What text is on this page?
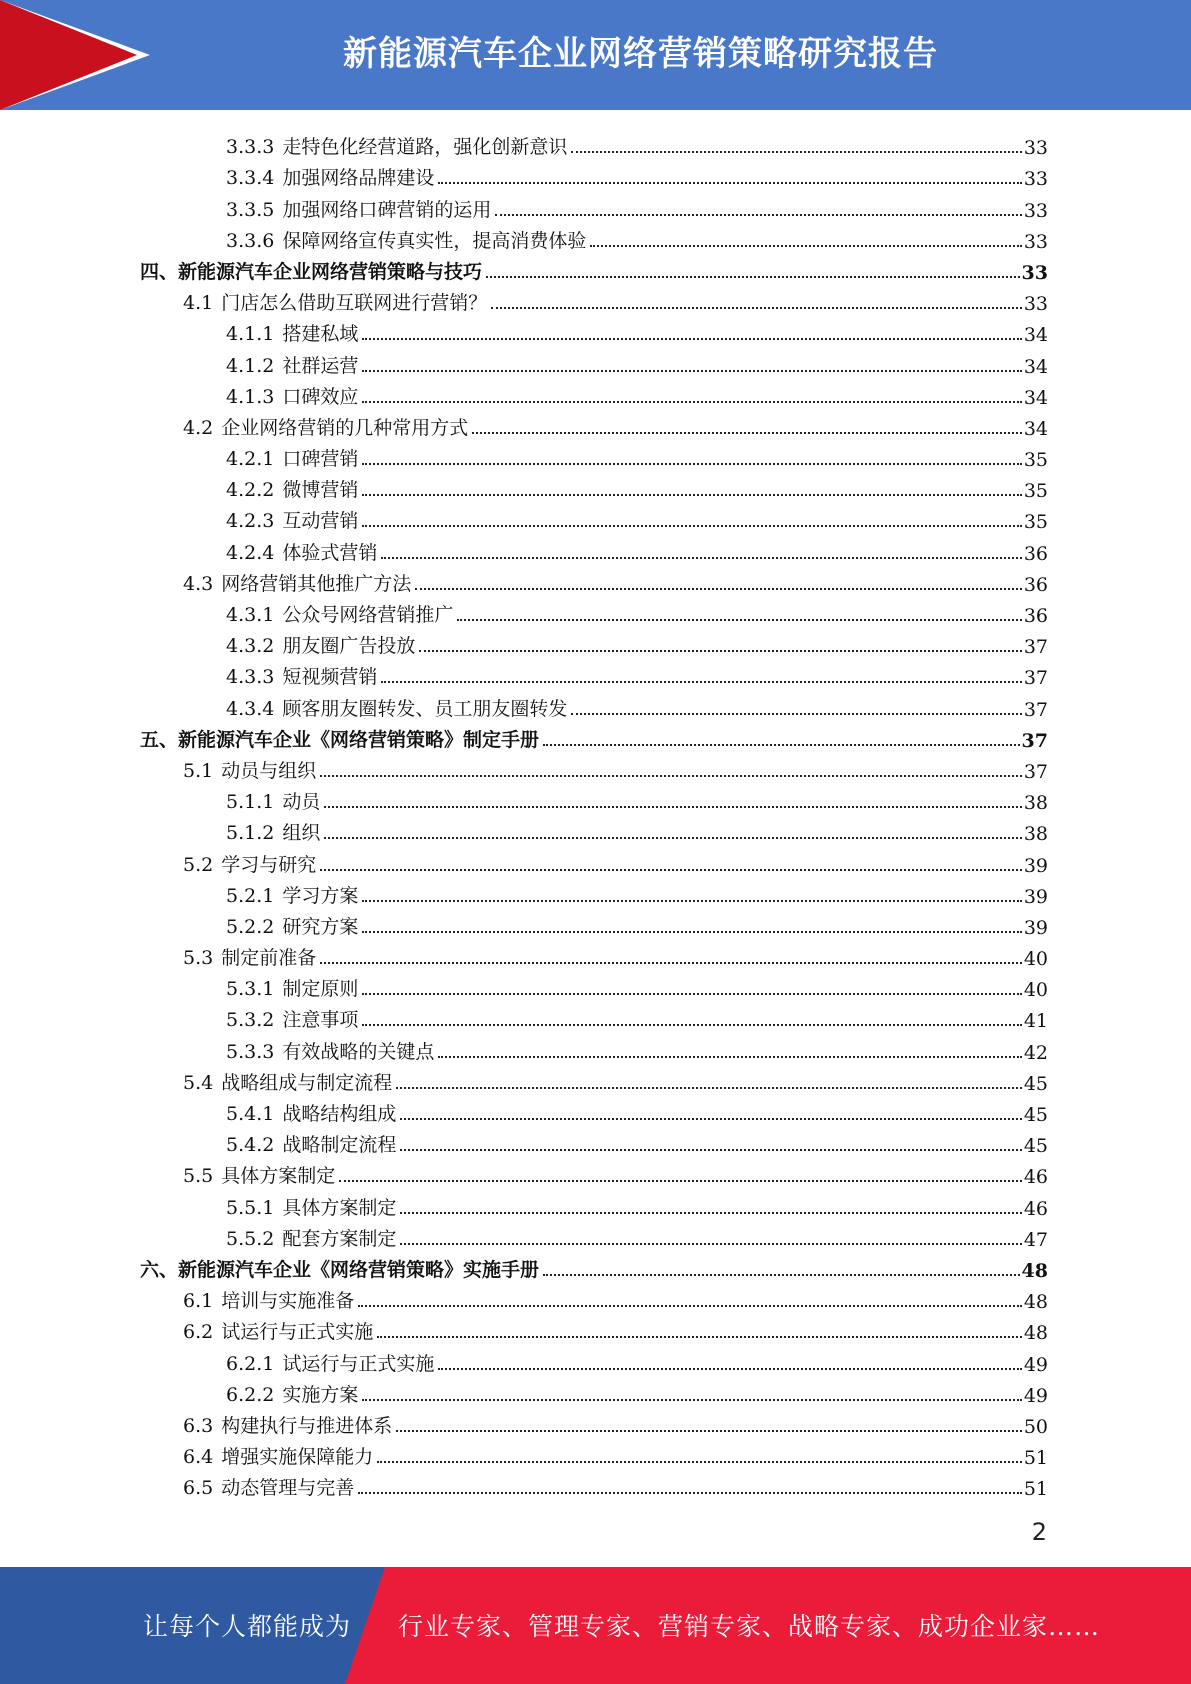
新能源汽车企业网络营销策略研究报告
3.3.3 走特色化经营道路，强化创新意识	33
3.3.4 加强网络品牌建设	33
3.3.5 加强网络口碑营销的运用	33
3.3.6 保障网络宣传真实性，提高消费体验	33
四、新能源汽车企业网络营销策略与技巧	33
4.1 门店怎么借助互联网进行营销？	33
4.1.1 搭建私域	34
4.1.2 社群运营	34
4.1.3 口碑效应	34
4.2 企业网络营销的几种常用方式	34
4.2.1 口碑营销	35
4.2.2 微博营销	35
4.2.3 互动营销	35
4.2.4 体验式营销	36
4.3 网络营销其他推广方法	36
4.3.1 公众号网络营销推广	36
4.3.2 朋友圈广告投放	37
4.3.3 短视频营销	37
4.3.4 顾客朋友圈转发、员工朋友圈转发	37
五、新能源汽车企业《网络营销策略》制定手册	37
5.1 动员与组织	37
5.1.1 动员	38
5.1.2 组织	38
5.2 学习与研究	39
5.2.1 学习方案	39
5.2.2 研究方案	39
5.3 制定前准备	40
5.3.1 制定原则	40
5.3.2 注意事项	41
5.3.3 有效战略的关键点	42
5.4 战略组成与制定流程	45
5.4.1 战略结构组成	45
5.4.2 战略制定流程	45
5.5 具体方案制定	46
5.5.1 具体方案制定	46
5.5.2 配套方案制定	47
六、新能源汽车企业《网络营销策略》实施手册	48
6.1 培训与实施准备	48
6.2 试运行与正式实施	48
6.2.1 试运行与正式实施	49
6.2.2 实施方案	49
6.3 构建执行与推进体系	50
6.4 增强实施保障能力	51
6.5 动态管理与完善	51
2
让每个人都能成为 行业专家、管理专家、营销专家、战略专家、成功企业家……
